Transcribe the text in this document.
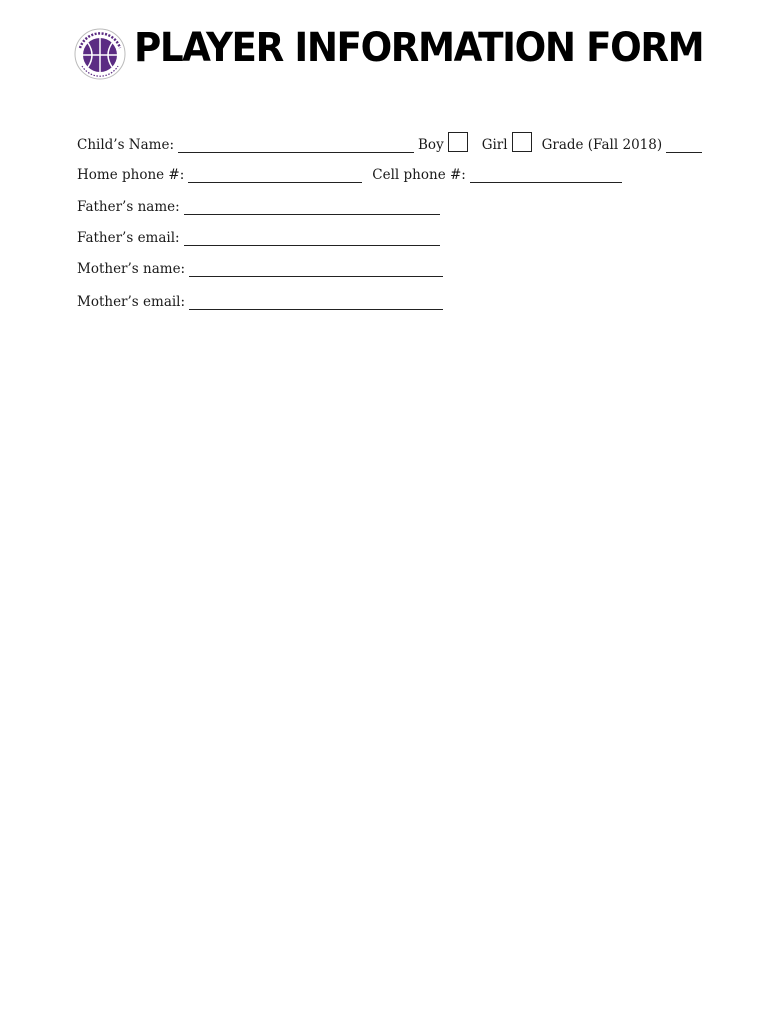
PLAYER INFORMATION FORM
Child’s Name:	Boy	Girl	Grade (Fall 2018)
Home phone #:	Cell phone #:
Father’s name:
Father’s email:
Mother’s name:
Mother’s email:
